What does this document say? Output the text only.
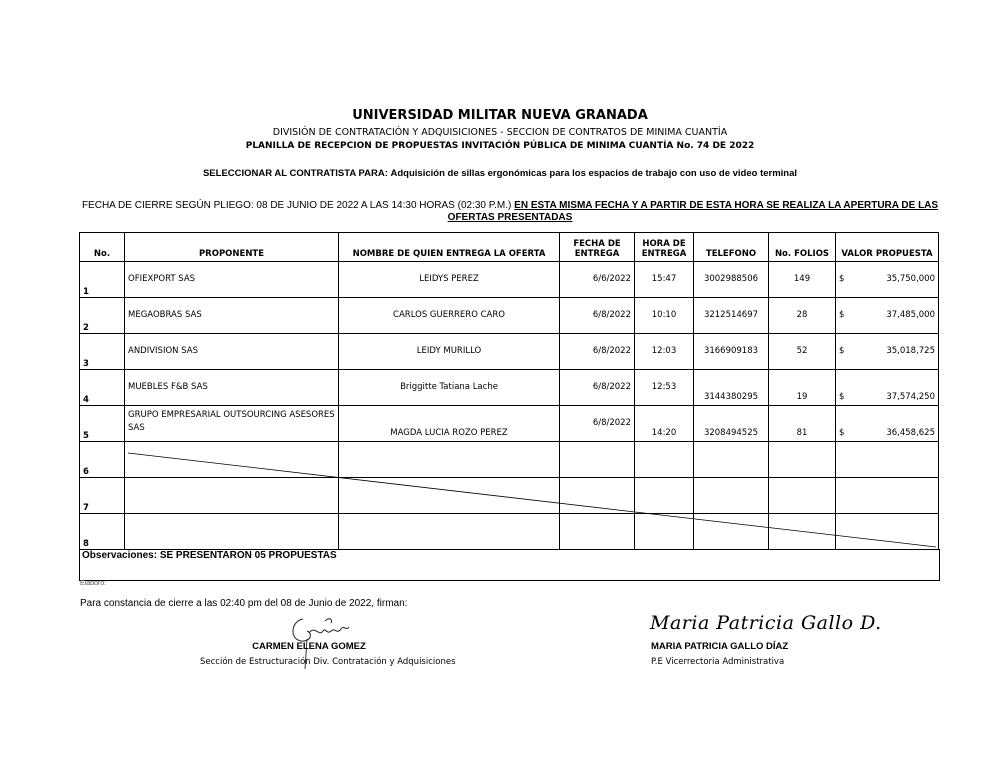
UNIVERSIDAD MILITAR NUEVA GRANADA
DIVISIÓN DE CONTRATACIÓN Y ADQUISICIONES - SECCION DE CONTRATOS DE MINIMA CUANTÍA
PLANILLA DE RECEPCION DE PROPUESTAS INVITACIÓN PÚBLICA DE MINIMA CUANTÍA No. 74 DE 2022
SELECCIONAR AL CONTRATISTA PARA: Adquisición de sillas ergonómicas para los espacios de trabajo con uso de video terminal
FECHA DE CIERRE SEGÚN PLIEGO: 08 DE JUNIO DE 2022 A LAS 14:30 HORAS (02:30 P.M.) EN ESTA MISMA FECHA Y A PARTIR DE ESTA HORA SE REALIZA LA APERTURA DE LAS OFERTAS PRESENTADAS
No.	PROPONENTE	NOMBRE DE QUIEN ENTREGA LA OFERTA	FECHA DE ENTREGA	HORA DE ENTREGA	TELEFONO	No. FOLIOS	VALOR PROPUESTA
1	OFIEXPORT SAS	LEIDYS PEREZ	6/6/2022	15:47	3002988506	149	$ 35,750,000

2	MEGAOBRAS SAS	CARLOS GUERRERO CARO	6/8/2022	10:10	3212514697	28	$ 37,485,000

3	ANDIVISION SAS	LEIDY MURILLO	6/8/2022	12:03	3166909183	52	$ 35,018,725

4	MUEBLES F&B SAS	Briggitte Tatiana Lache	6/8/2022	12:53	3144380295	19	$ 37,574,250

5	GRUPO EMPRESARIAL OUTSOURCING ASESORES SAS	MAGDA LUCIA ROZO PEREZ	6/8/2022	14:20	3208494525	81	$ 36,458,625

6							
7							
8							
Observaciones: SE PRESENTARON 05 PROPUESTAS
Elaboro:
Para constancia de cierre a las 02:40 pm del 08 de Junio de 2022, firman:
Maria Patricia Gallo D.
CARMEN ELENA GOMEZ
Sección de Estructuración Div. Contratación y Adquisiciones
MARIA PATRICIA GALLO DÍAZ
P.E Vicerrectoria Administrativa
